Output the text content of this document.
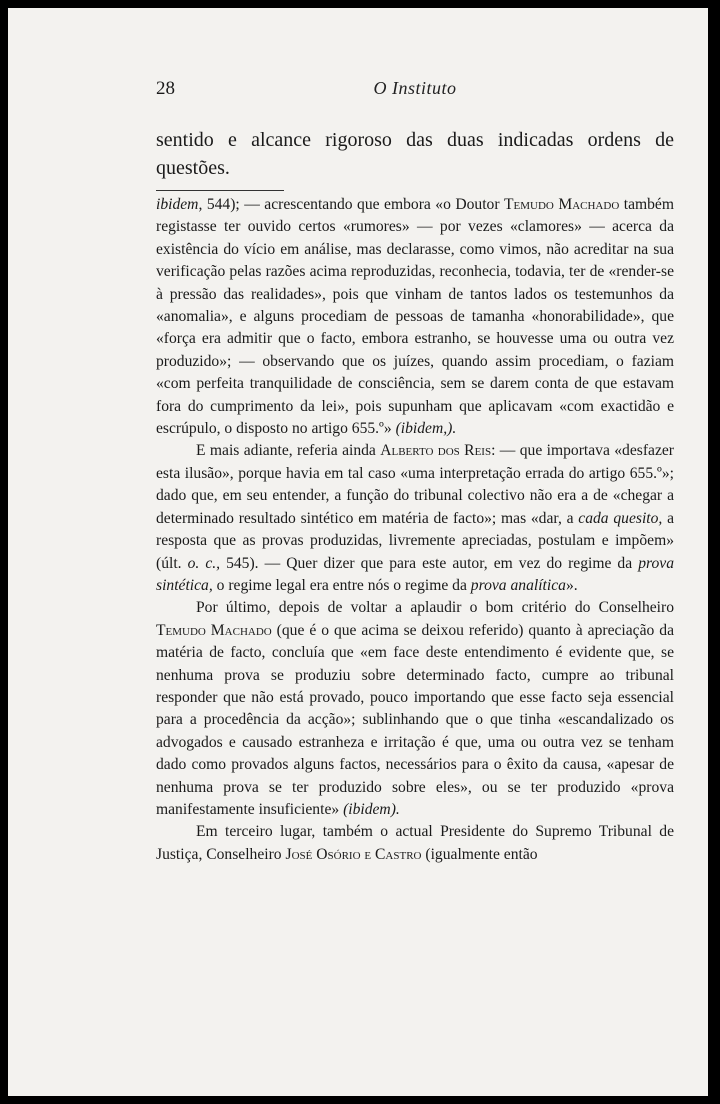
28	O Instituto

sentido e alcance rigoroso das duas indicadas ordens de questões.

ibidem, 544); — acrescentando que embora «o Doutor Temudo Machado também registasse ter ouvido certos «rumores» — por vezes «clamores» — acerca da existência do vício em análise, mas declarasse, como vimos, não acreditar na sua verificação pelas razões acima reproduzidas, reconhecia, todavia, ter de «render-se à pressão das realidades», pois que vinham de tantos lados os testemunhos da «anomalia», e alguns procediam de pessoas de tamanha «honorabilidade», que «força era admitir que o facto, embora estranho, se houvesse uma ou outra vez produzido»; — observando que os juízes, quando assim procediam, o faziam «com perfeita tranquilidade de consciência, sem se darem conta de que estavam fora do cumprimento da lei», pois supunham que aplicavam «com exactidão e escrúpulo, o disposto no artigo 655.º» (ibidem,).

E mais adiante, referia ainda Alberto dos Reis: — que importava «desfazer esta ilusão», porque havia em tal caso «uma interpretação errada do artigo 655.º»; dado que, em seu entender, a função do tribunal colectivo não era a de «chegar a determinado resultado sintético em matéria de facto»; mas «dar, a cada quesito, a resposta que as provas produzidas, livremente apreciadas, postulam e impõem» (últ. o. c., 545). — Quer dizer que para este autor, em vez do regime da prova sintética, o regime legal era entre nós o regime da prova analítica».

Por último, depois de voltar a aplaudir o bom critério do Conselheiro Temudo Machado (que é o que acima se deixou referido) quanto à apreciação da matéria de facto, concluía que «em face deste entendimento é evidente que, se nenhuma prova se produziu sobre determinado facto, cumpre ao tribunal responder que não está provado, pouco importando que esse facto seja essencial para a procedência da acção»; sublinhando que o que tinha «escandalizado os advogados e causado estranheza e irritação é que, uma ou outra vez se tenham dado como provados alguns factos, necessários para o êxito da causa, «apesar de nenhuma prova se ter produzido sobre eles», ou se ter produzido «prova manifestamente insuficiente» (ibidem).

Em terceiro lugar, também o actual Presidente do Supremo Tribunal de Justiça, Conselheiro José Osório e Castro (igualmente então
